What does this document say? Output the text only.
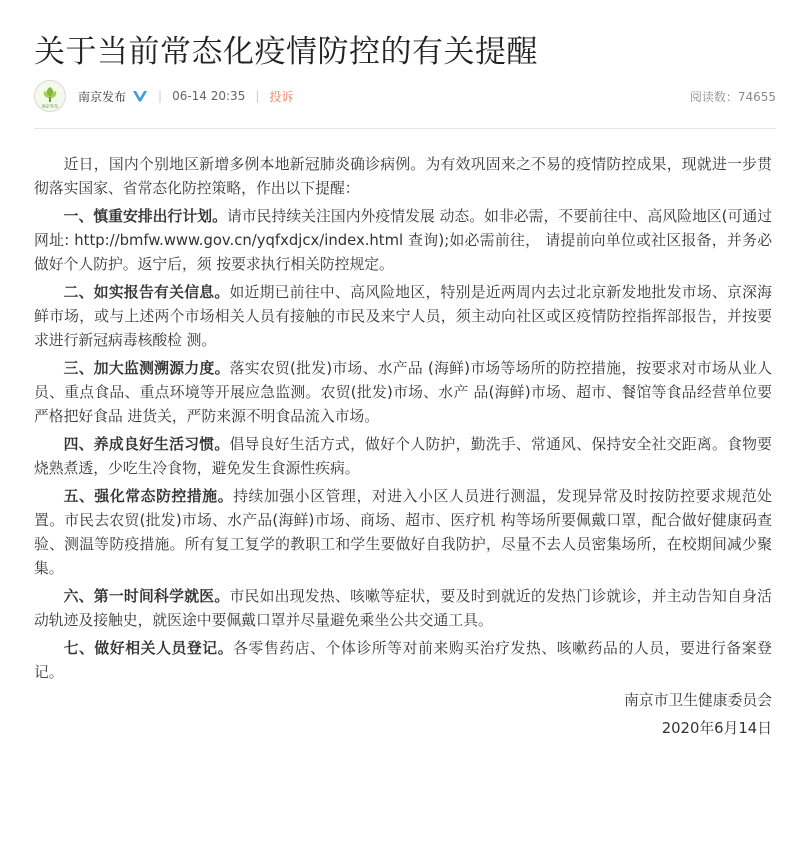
关于当前常态化疫情防控的有关提醒
南京发布
南京发布	| 06-14 20:35 | 投诉	阅读数：74655

近日，国内个别地区新增多例本地新冠肺炎确诊病例。为有效巩固来之不易的疫情防控成果，现就进一步贯彻落实国家、省常态化防控策略，作出以下提醒：

一、慎重安排出行计划。请市民持续关注国内外疫情发展 动态。如非必需，不要前往中、高风险地区(可通过网址: http://bmfw.www.gov.cn/yqfxdjcx/index.html 查询);如必需前往， 请提前向单位或社区报备，并务必做好个人防护。返宁后，须 按要求执行相关防控规定。

二、如实报告有关信息。如近期已前往中、高风险地区，特别是近两周内去过北京新发地批发市场、京深海鲜市场，或与上述两个市场相关人员有接触的市民及来宁人员，须主动向社区或区疫情防控指挥部报告，并按要求进行新冠病毒核酸检 测。

三、加大监测溯源力度。落实农贸(批发)市场、水产品 (海鲜)市场等场所的防控措施，按要求对市场从业人员、重点食品、重点环境等开展应急监测。农贸(批发)市场、水产 品(海鲜)市场、超市、餐馆等食品经营单位要严格把好食品 进货关，严防来源不明食品流入市场。

四、养成良好生活习惯。倡导良好生活方式，做好个人防护，勤洗手、常通风、保持安全社交距离。食物要烧熟煮透，少吃生冷食物，避免发生食源性疾病。

五、强化常态防控措施。持续加强小区管理，对进入小区人员进行测温，发现异常及时按防控要求规范处置。市民去农贸(批发)市场、水产品(海鲜)市场、商场、超市、医疗机 构等场所要佩戴口罩，配合做好健康码查验、测温等防疫措施。所有复工复学的教职工和学生要做好自我防护，尽量不去人员密集场所，在校期间减少聚集。

六、第一时间科学就医。市民如出现发热、咳嗽等症状，要及时到就近的发热门诊就诊，并主动告知自身活动轨迹及接触史，就医途中要佩戴口罩并尽量避免乘坐公共交通工具。

七、做好相关人员登记。各零售药店、个体诊所等对前来购买治疗发热、咳嗽药品的人员，要进行备案登记。

南京市卫生健康委员会

2020年6月14日
